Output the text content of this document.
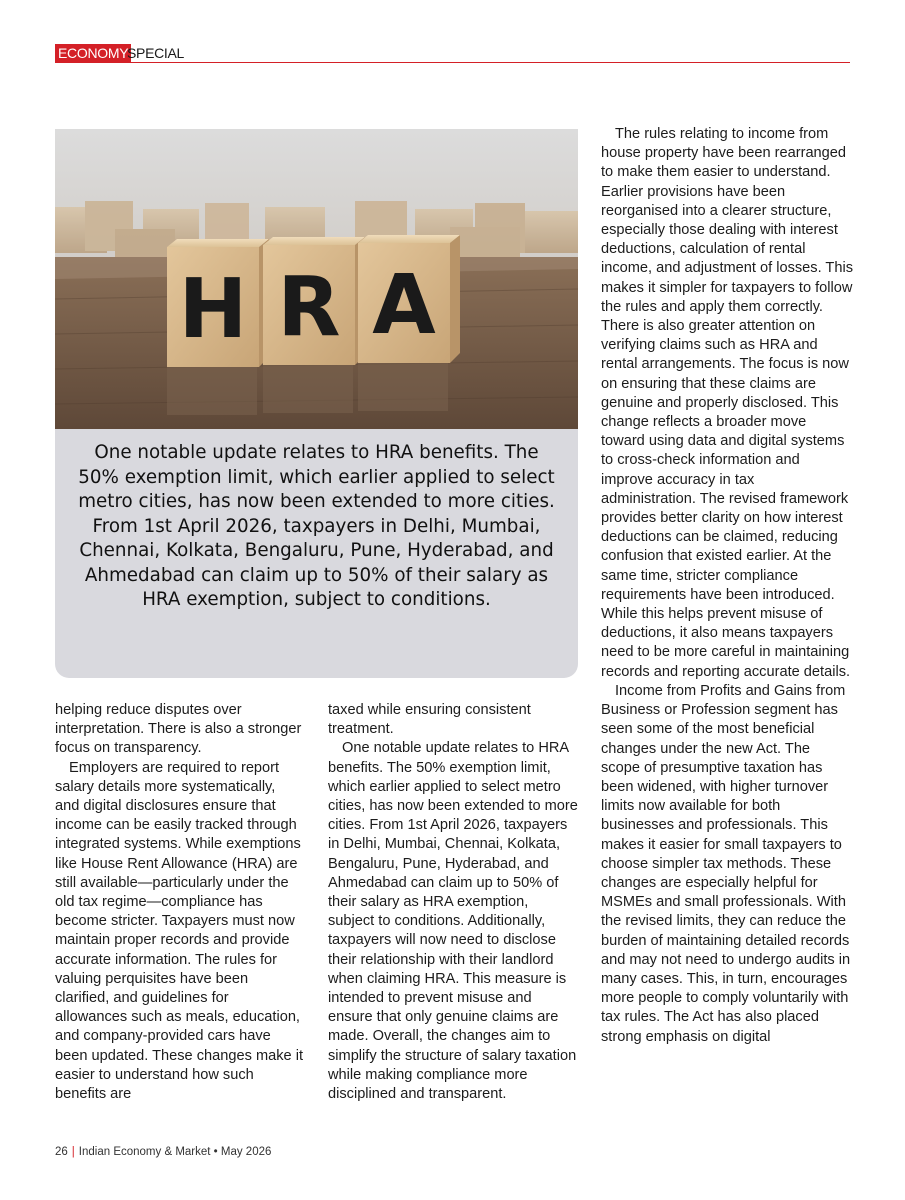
ECONOMY
SPECIAL
H R A
One notable update relates to HRA benefits. The 50% exemption limit, which earlier applied to select metro cities, has now been extended to more cities. From 1st April 2026, taxpayers in Delhi, Mumbai, Chennai, Kolkata, Bengaluru, Pune, Hyderabad, and Ahmedabad can claim up to 50% of their salary as HRA exemption, subject to conditions.

helping reduce disputes over interpretation. There is also a stronger focus on transparency.

Employers are required to report salary details more systematically, and digital disclosures ensure that income can be easily tracked through integrated systems. While exemptions like House Rent Allowance (HRA) are still available—particularly under the old tax regime—compliance has become stricter. Taxpayers must now maintain proper records and provide accurate information. The rules for valuing perquisites have been clarified, and guidelines for allowances such as meals, education, and company-provided cars have been updated. These changes make it easier to understand how such benefits are

taxed while ensuring consistent treatment.

One notable update relates to HRA benefits. The 50% exemption limit, which earlier applied to select metro cities, has now been extended to more cities. From 1st April 2026, taxpayers in Delhi, Mumbai, Chennai, Kolkata, Bengaluru, Pune, Hyderabad, and Ahmedabad can claim up to 50% of their salary as HRA exemption, subject to conditions. Additionally, taxpayers will now need to disclose their relationship with their landlord when claiming HRA. This measure is intended to prevent misuse and ensure that only genuine claims are made. Overall, the changes aim to simplify the structure of salary taxation while making compliance more disciplined and transparent.

The rules relating to income from house property have been rearranged to make them easier to understand. Earlier provisions have been reorganised into a clearer structure, especially those dealing with interest deductions, calculation of rental income, and adjustment of losses. This makes it simpler for taxpayers to follow the rules and apply them correctly. There is also greater attention on verifying claims such as HRA and rental arrangements. The focus is now on ensuring that these claims are genuine and properly disclosed. This change reflects a broader move toward using data and digital systems to cross-check information and improve accuracy in tax administration. The revised framework provides better clarity on how interest deductions can be claimed, reducing confusion that existed earlier. At the same time, stricter compliance requirements have been introduced. While this helps prevent misuse of deductions, it also means taxpayers need to be more careful in maintaining records and reporting accurate details.

Income from Profits and Gains from Business or Profession segment has seen some of the most beneficial changes under the new Act. The scope of presumptive taxation has been widened, with higher turnover limits now available for both businesses and professionals. This makes it easier for small taxpayers to choose simpler tax methods. These changes are especially helpful for MSMEs and small professionals. With the revised limits, they can reduce the burden of maintaining detailed records and may not need to undergo audits in many cases. This, in turn, encourages more people to comply voluntarily with tax rules. The Act has also placed strong emphasis on digital

26 | Indian Economy & Market • May 2026
